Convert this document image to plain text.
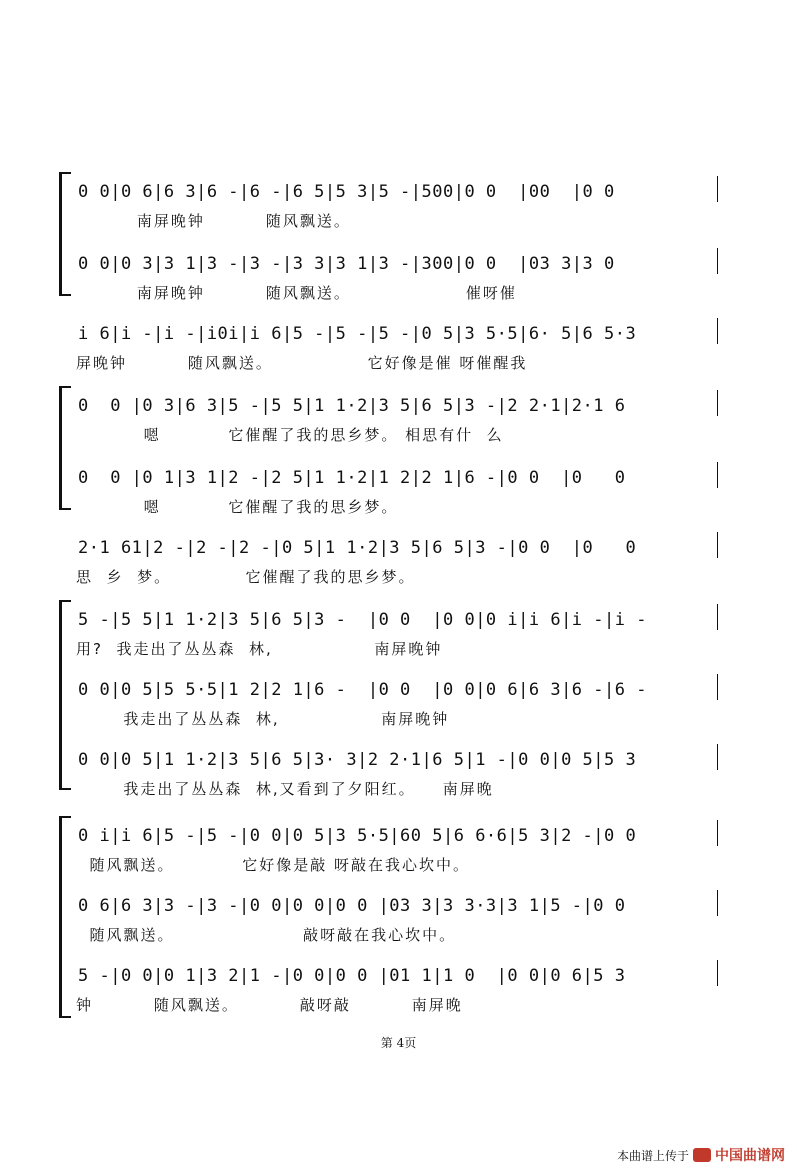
0 0|0 6|6 3|6 -|6 -|6 5|5 3|5 -|500|0 0  |00  |0 0
南屏晚钟         随风飘送。
0 0|0 3|3 1|3 -|3 -|3 3|3 1|3 -|300|0 0  |03 3|3 0
南屏晚钟         随风飘送。                 催呀催
i 6|i -|i -|i0i|i 6|5 -|5 -|5 -|0 5|3 5·5|6· 5|6 5·3
屏晚钟         随风飘送。              它好像是催 呀催醒我
0  0 |0 3|6 3|5 -|5 5|1 1·2|3 5|6 5|3 -|2 2·1|2·1 6
嗯          它催醒了我的思乡梦。 相思有什  么
0  0 |0 1|3 1|2 -|2 5|1 1·2|1 2|2 1|6 -|0 0  |0   0
嗯          它催醒了我的思乡梦。
2·1 61|2 -|2 -|2 -|0 5|1 1·2|3 5|6 5|3 -|0 0  |0   0
思  乡  梦。           它催醒了我的思乡梦。
5 -|5 5|1 1·2|3 5|6 5|3 -  |0 0  |0 0|0 i|i 6|i -|i -
用?  我走出了丛丛森  林,               南屏晚钟
0 0|0 5|5 5·5|1 2|2 1|6 -  |0 0  |0 0|0 6|6 3|6 -|6 -
我走出了丛丛森  林,               南屏晚钟
0 0|0 5|1 1·2|3 5|6 5|3· 3|2 2·1|6 5|1 -|0 0|0 5|5 3
我走出了丛丛森  林,又看到了夕阳红。    南屏晚
0 i|i 6|5 -|5 -|0 0|0 5|3 5·5|60 5|6 6·6|5 3|2 -|0 0
随风飘送。          它好像是敲 呀敲在我心坎中。
0 6|6 3|3 -|3 -|0 0|0 0|0 0 |03 3|3 3·3|3 1|5 -|0 0
随风飘送。                   敲呀敲在我心坎中。
5 -|0 0|0 1|3 2|1 -|0 0|0 0 |01 1|1 0  |0 0|0 6|5 3
钟         随风飘送。         敲呀敲         南屏晚
第 4页
本曲谱上传于 中国曲谱网
